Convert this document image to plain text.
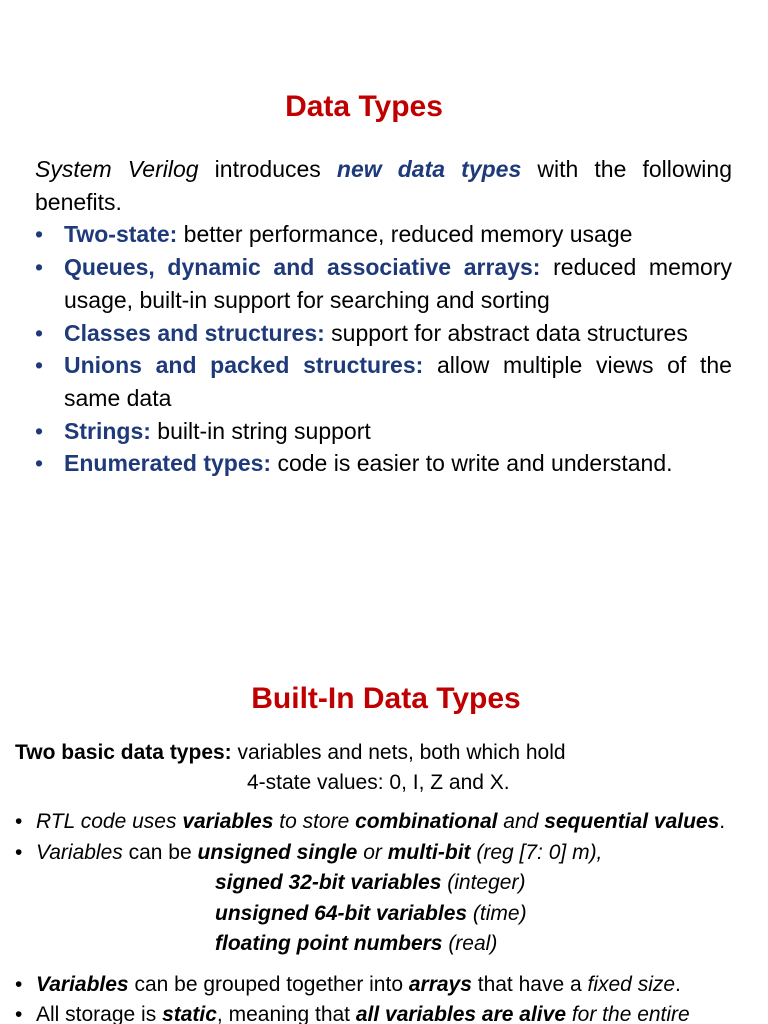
Data Types

System Verilog introduces new data types with the following benefits.

• Two-state: better performance, reduced memory usage
• Queues, dynamic and associative arrays: reduced memory usage, built-in support for searching and sorting
• Classes and structures: support for abstract data structures
• Unions and packed structures: allow multiple views of the same data
• Strings: built-in string support
• Enumerated types: code is easier to write and understand.
Built-In Data Types
Two basic data types: variables and nets, both which hold
4-state values: 0, I, Z and X.
• RTL code uses variables to store combinational and sequential values.
• Variables can be unsigned single or multi-bit (reg [7: 0] m),
signed 32-bit variables (integer)
unsigned 64-bit variables (time)
floating point numbers (real)
• Variables can be grouped together into arrays that have a fixed size.
• All storage is static, meaning that all variables are alive for the entire
